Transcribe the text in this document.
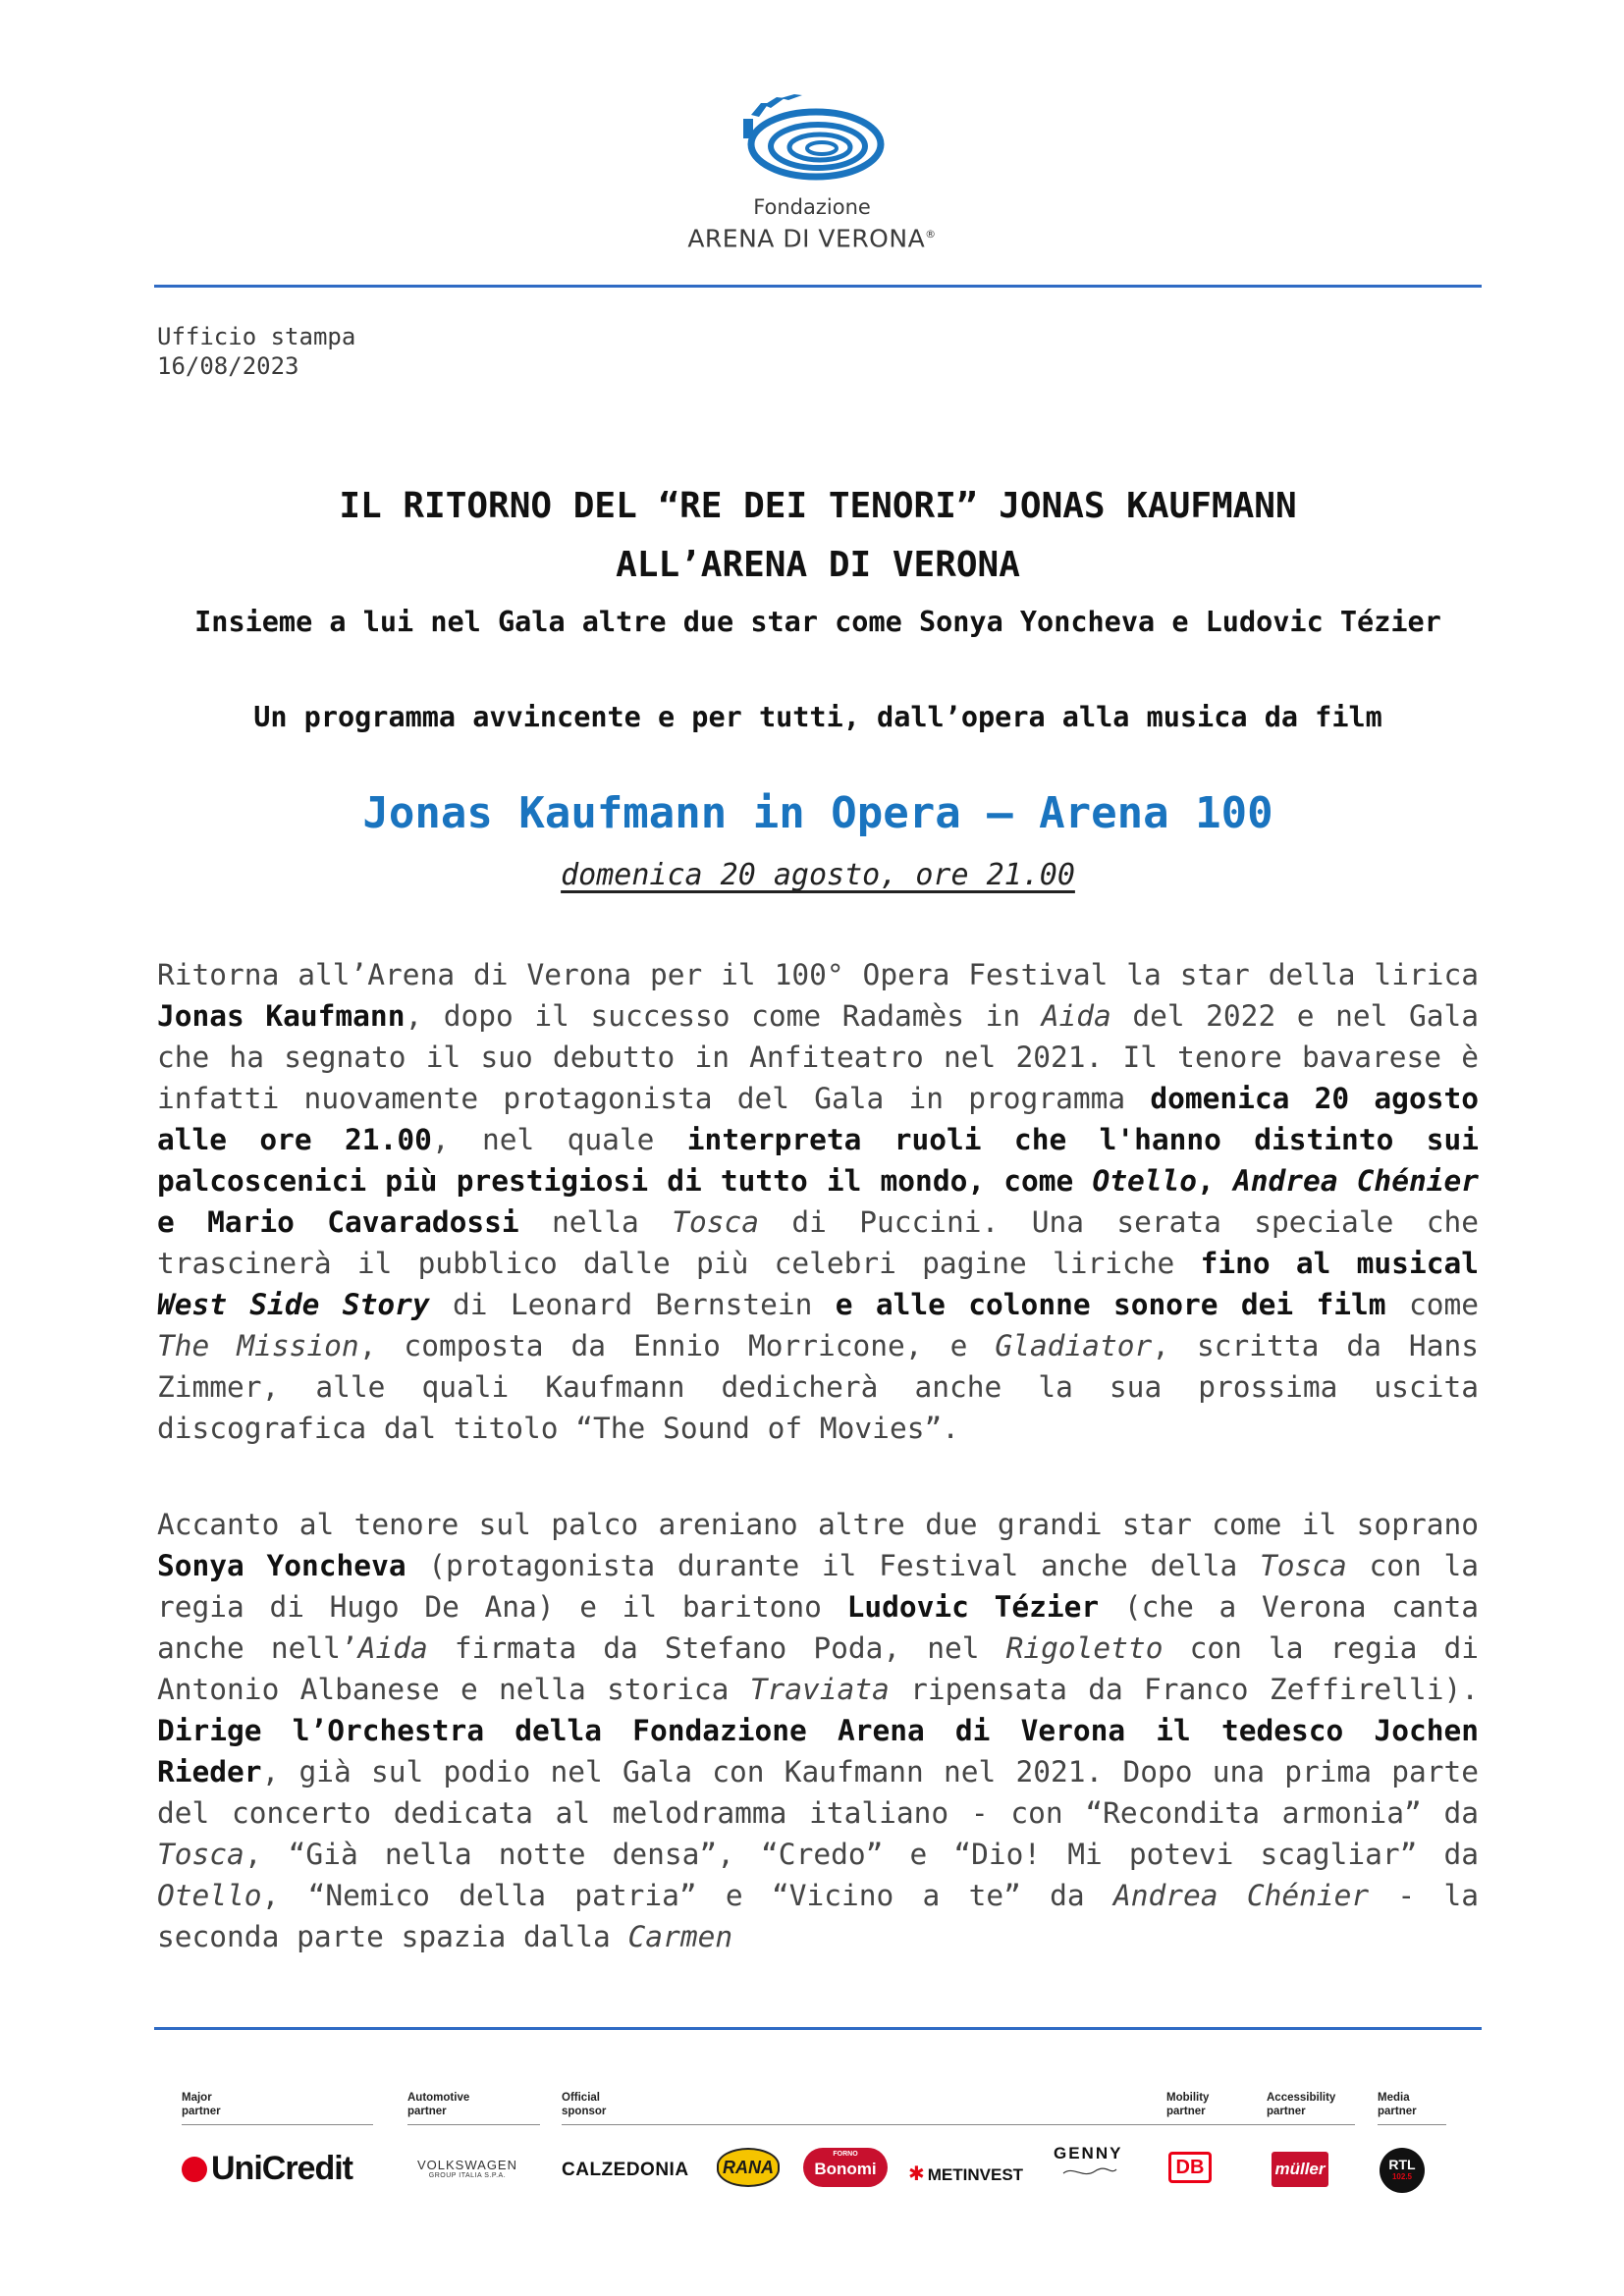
Fondazione
ARENA DI VERONA®
Ufficio stampa
16/08/2023
IL RITORNO DEL “RE DEI TENORI” JONAS KAUFMANN
ALL’ARENA DI VERONA
Insieme a lui nel Gala altre due star come Sonya Yoncheva e Ludovic Tézier
Un programma avvincente e per tutti, dall’opera alla musica da film
Jonas Kaufmann in Opera – Arena 100
domenica 20 agosto, ore 21.00
Ritorna all’Arena di Verona per il 100° Opera Festival la star della lirica Jonas Kaufmann, dopo il successo come Radamès in Aida del 2022 e nel Gala che ha segnato il suo debutto in Anfiteatro nel 2021. Il tenore bavarese è infatti nuovamente protagonista del Gala in programma domenica 20 agosto alle ore 21.00, nel quale interpreta ruoli che l'hanno distinto sui palcoscenici più prestigiosi di tutto il mondo, come Otello, Andrea Chénier e Mario Cavaradossi nella Tosca di Puccini. Una serata speciale che trascinerà il pubblico dalle più celebri pagine liriche fino al musical West Side Story di Leonard Bernstein e alle colonne sonore dei film come The Mission, composta da Ennio Morricone, e Gladiator, scritta da Hans Zimmer, alle quali Kaufmann dedicherà anche la sua prossima uscita discografica dal titolo “The Sound of Movies”.
Accanto al tenore sul palco areniano altre due grandi star come il soprano Sonya Yoncheva (protagonista durante il Festival anche della Tosca con la regia di Hugo De Ana) e il baritono Ludovic Tézier (che a Verona canta anche nell’Aida firmata da Stefano Poda, nel Rigoletto con la regia di Antonio Albanese e nella storica Traviata ripensata da Franco Zeffirelli). Dirige l’Orchestra della Fondazione Arena di Verona il tedesco Jochen Rieder, già sul podio nel Gala con Kaufmann nel 2021. Dopo una prima parte del concerto dedicata al melodramma italiano - con “Recondita armonia” da Tosca, “Già nella notte densa”, “Credo” e “Dio! Mi potevi scagliar” da Otello, “Nemico della patria” e “Vicino a te” da Andrea Chénier - la seconda parte spazia dalla Carmen
Major
partner
Automotive
partner
Official
sponsor
Mobility
partner
Accessibility
partner
Media
partner
UniCredit	VOLKSWAGEN
GROUP ITALIA S.P.A.	CALZEDONIA	RANA
FORNO
Bonomi	✱ METINVEST
GENNY
DB	müller	RTL
102.5
